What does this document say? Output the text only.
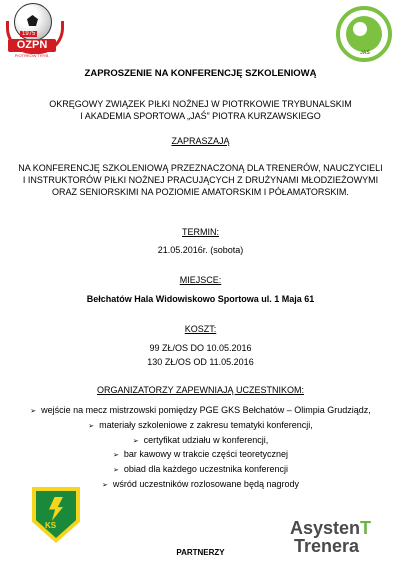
1975
OZPN
PIOTRKÓW TRYB.	JAŚ
ZAPROSZENIE NA KONFERENCJĘ SZKOLENIOWĄ
OKRĘGOWY ZWIĄZEK PIŁKI NOŻNEJ W PIOTRKOWIE TRYBUNALSKIM
I AKADEMIA SPORTOWA „JAŚ” PIOTRA KURZAWSKIEGO
ZAPRASZAJĄ
NA KONFERENCJĘ SZKOLENIOWĄ PRZEZNACZONĄ DLA TRENERÓW, NAUCZYCIELI
I INSTRUKTORÓW PIŁKI NOŻNEJ PRACUJĄCYCH Z DRUŻYNAMI MŁODZIEŻOWYMI
ORAZ SENIORSKIMI NA POZIOMIE AMATORSKIM I PÓŁAMATORSKIM.
TERMIN:
21.05.2016r. (sobota)
MIEJSCE:
Bełchatów Hala Widowiskowo Sportowa ul. 1 Maja 61
KOSZT:
99 ZŁ/OS DO 10.05.2016
130 ZŁ/OS OD 11.05.2016
ORGANIZATORZY ZAPEWNIAJĄ UCZESTNIKOM:
➢ wejście na mecz mistrzowski pomiędzy PGE GKS Bełchatów – Olimpia Grudziądz,
➢ materiały szkoleniowe z zakresu tematyki konferencji,
➢ certyfikat udziału w konferencji,
➢ bar kawowy w trakcie części teoretycznej
➢ obiad dla każdego uczestnika konferencji
➢ wśród uczestników rozlosowane będą nagrody
KS	AsystenT
Trenera
PARTNERZY
